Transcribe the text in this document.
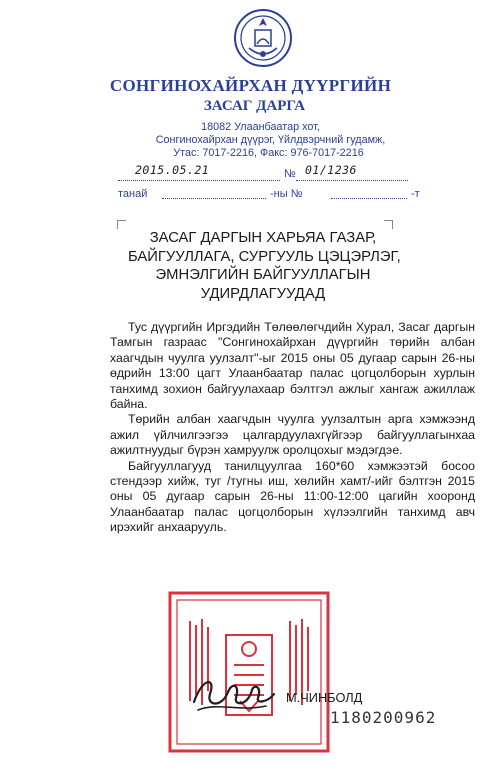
СОНГИНОХАЙРХАН ДҮҮРГИЙН
ЗАСАГ ДАРГА
18082 Улаанбаатар хот,
Сонгинохайрхан дүүрэг, Үйлдвэрчний гудамж,
Утас: 7017-2216, Факс: 976-7017-2216
2015.05.21	№ 01/1236
танай	-ны №	-т
ЗАСАГ ДАРГЫН ХАРЬЯА ГАЗАР,
БАЙГУУЛЛАГА, СУРГУУЛЬ ЦЭЦЭРЛЭГ,
ЭМНЭЛГИЙН БАЙГУУЛЛАГЫН
УДИРДЛАГУУДАД

Тус дүүргийн Иргэдийн Төлөөлөгчдийн Хурал, Засаг даргын Тамгын газраас "Сонгинохайрхан дүүргийн төрийн албан хаагчдын чуулга уулзалт"-ыг 2015 оны 05 дугаар сарын 26-ны өдрийн 13:00 цагт Улаанбаатар палас цогцолборын хурлын танхимд зохион байгуулахаар бэлтгэл ажлыг хангаж ажиллаж байна.

Төрийн албан хаагчдын чуулга уулзалтын арга хэмжээнд ажил үйлчилгээгээ цалгардуулахгүйгээр байгууллагынхаа ажилтнуудыг бүрэн хамруулж оролцохыг мэдэгдэе.

Байгууллагууд танилцуулгаа 160*60 хэмжээтэй босоо стендээр хийж, туг /тугны иш, хөлийн хамт/-ийг бэлтгэн 2015 оны 05 дугаар сарын 26-ны 11:00-12:00 цагийн хооронд Улаанбаатар палас цогцолборын хүлээлгийн танхимд авч ирэхийг анхаарууль.

М.ЧИНБОЛД
1180200962
